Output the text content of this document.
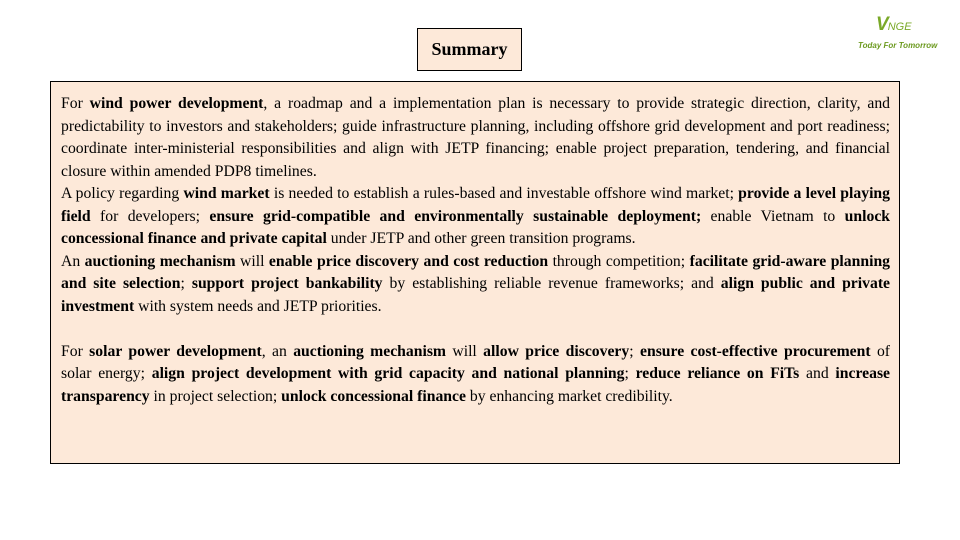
Summary
VNGE
Today For Tomorrow

For wind power development, a roadmap and a implementation plan is necessary to provide strategic direction, clarity, and predictability to investors and stakeholders; guide infrastructure planning, including offshore grid development and port readiness; coordinate inter-ministerial responsibilities and align with JETP financing; enable project preparation, tendering, and financial closure within amended PDP8 timelines.

A policy regarding wind market is needed to establish a rules-based and investable offshore wind market; provide a level playing field for developers; ensure grid-compatible and environmentally sustainable deployment; enable Vietnam to unlock concessional finance and private capital under JETP and other green transition programs.

An auctioning mechanism will enable price discovery and cost reduction through competition; facilitate grid-aware planning and site selection; support project bankability by establishing reliable revenue frameworks; and align public and private investment with system needs and JETP priorities.

For solar power development, an auctioning mechanism will allow price discovery; ensure cost-effective procurement of solar energy; align project development with grid capacity and national planning; reduce reliance on FiTs and increase transparency in project selection; unlock concessional finance by enhancing market credibility.
